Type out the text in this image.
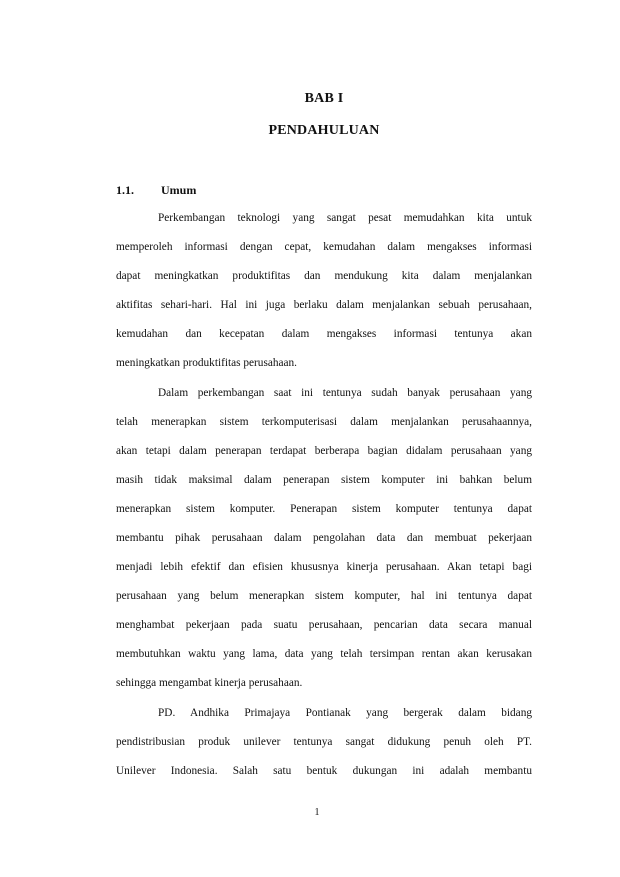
BAB I
PENDAHULUAN
1.1. Umum
Perkembangan teknologi yang sangat pesat memudahkan kita untuk
memperoleh informasi dengan cepat, kemudahan dalam mengakses informasi
dapat meningkatkan produktifitas dan mendukung kita dalam menjalankan
aktifitas sehari-hari. Hal ini juga berlaku dalam menjalankan sebuah perusahaan,
kemudahan dan kecepatan dalam mengakses informasi tentunya akan
meningkatkan produktifitas perusahaan.
Dalam perkembangan saat ini tentunya sudah banyak perusahaan yang
telah menerapkan sistem terkomputerisasi dalam menjalankan perusahaannya,
akan tetapi dalam penerapan terdapat berberapa bagian didalam perusahaan yang
masih tidak maksimal dalam penerapan sistem komputer ini bahkan belum
menerapkan sistem komputer. Penerapan sistem komputer tentunya dapat
membantu pihak perusahaan dalam pengolahan data dan membuat pekerjaan
menjadi lebih efektif dan efisien khususnya kinerja perusahaan. Akan tetapi bagi
perusahaan yang belum menerapkan sistem komputer, hal ini tentunya dapat
menghambat pekerjaan pada suatu perusahaan, pencarian data secara manual
membutuhkan waktu yang lama, data yang telah tersimpan rentan akan kerusakan
sehingga mengambat kinerja perusahaan.
PD. Andhika Primajaya Pontianak yang bergerak dalam bidang
pendistribusian produk unilever tentunya sangat didukung penuh oleh PT.
Unilever Indonesia. Salah satu bentuk dukungan ini adalah membantu
1
